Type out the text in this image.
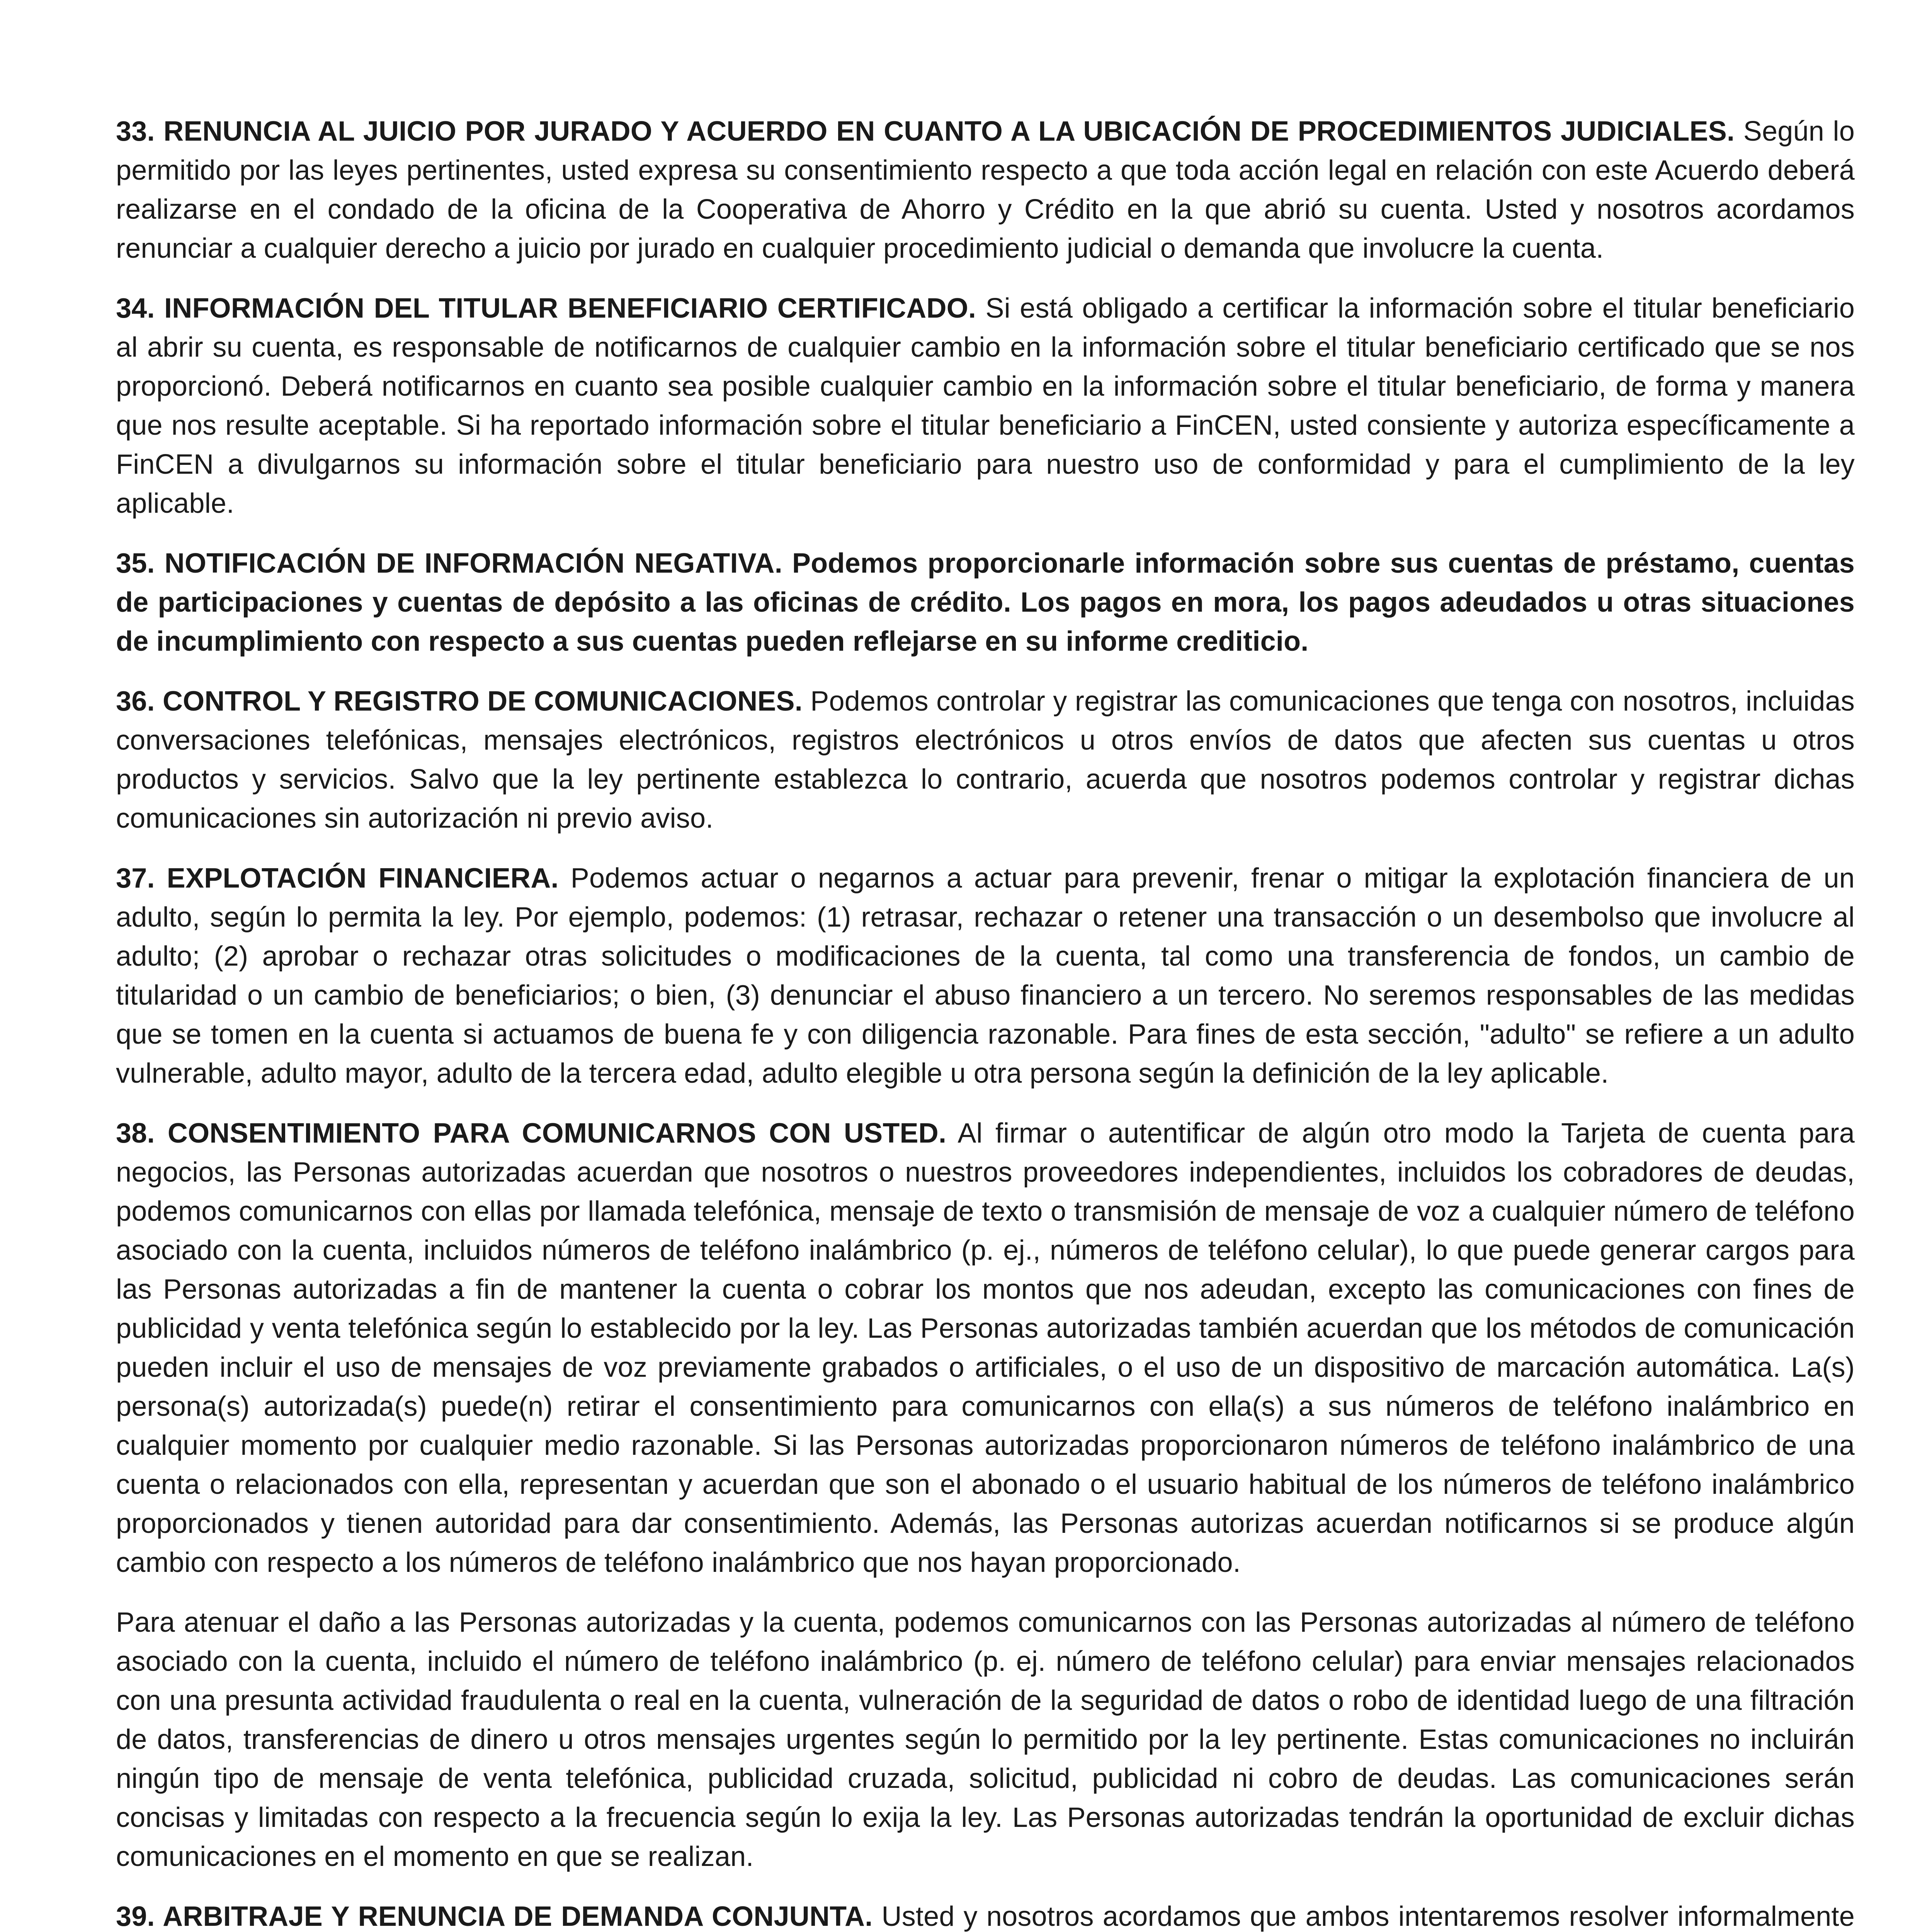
33. RENUNCIA AL JUICIO POR JURADO Y ACUERDO EN CUANTO A LA UBICACIÓN DE PROCEDIMIENTOS JUDICIALES. Según lo permitido por las leyes pertinentes, usted expresa su consentimiento respecto a que toda acción legal en relación con este Acuerdo deberá realizarse en el condado de la oficina de la Cooperativa de Ahorro y Crédito en la que abrió su cuenta. Usted y nosotros acordamos renunciar a cualquier derecho a juicio por jurado en cualquier procedimiento judicial o demanda que involucre la cuenta.

34. INFORMACIÓN DEL TITULAR BENEFICIARIO CERTIFICADO. Si está obligado a certificar la información sobre el titular beneficiario al abrir su cuenta, es responsable de notificarnos de cualquier cambio en la información sobre el titular beneficiario certificado que se nos proporcionó. Deberá notificarnos en cuanto sea posible cualquier cambio en la información sobre el titular beneficiario, de forma y manera que nos resulte aceptable. Si ha reportado información sobre el titular beneficiario a FinCEN, usted consiente y autoriza específicamente a FinCEN a divulgarnos su información sobre el titular beneficiario para nuestro uso de conformidad y para el cumplimiento de la ley aplicable.

35. NOTIFICACIÓN DE INFORMACIÓN NEGATIVA. Podemos proporcionarle información sobre sus cuentas de préstamo, cuentas de participaciones y cuentas de depósito a las oficinas de crédito. Los pagos en mora, los pagos adeudados u otras situaciones de incumplimiento con respecto a sus cuentas pueden reflejarse en su informe crediticio.

36. CONTROL Y REGISTRO DE COMUNICACIONES. Podemos controlar y registrar las comunicaciones que tenga con nosotros, incluidas conversaciones telefónicas, mensajes electrónicos, registros electrónicos u otros envíos de datos que afecten sus cuentas u otros productos y servicios. Salvo que la ley pertinente establezca lo contrario, acuerda que nosotros podemos controlar y registrar dichas comunicaciones sin autorización ni previo aviso.

37. EXPLOTACIÓN FINANCIERA. Podemos actuar o negarnos a actuar para prevenir, frenar o mitigar la explotación financiera de un adulto, según lo permita la ley. Por ejemplo, podemos: (1) retrasar, rechazar o retener una transacción o un desembolso que involucre al adulto; (2) aprobar o rechazar otras solicitudes o modificaciones de la cuenta, tal como una transferencia de fondos, un cambio de titularidad o un cambio de beneficiarios; o bien, (3) denunciar el abuso financiero a un tercero. No seremos responsables de las medidas que se tomen en la cuenta si actuamos de buena fe y con diligencia razonable. Para fines de esta sección, "adulto" se refiere a un adulto vulnerable, adulto mayor, adulto de la tercera edad, adulto elegible u otra persona según la definición de la ley aplicable.

38. CONSENTIMIENTO PARA COMUNICARNOS CON USTED. Al firmar o autentificar de algún otro modo la Tarjeta de cuenta para negocios, las Personas autorizadas acuerdan que nosotros o nuestros proveedores independientes, incluidos los cobradores de deudas, podemos comunicarnos con ellas por llamada telefónica, mensaje de texto o transmisión de mensaje de voz a cualquier número de teléfono asociado con la cuenta, incluidos números de teléfono inalámbrico (p. ej., números de teléfono celular), lo que puede generar cargos para las Personas autorizadas a fin de mantener la cuenta o cobrar los montos que nos adeudan, excepto las comunicaciones con fines de publicidad y venta telefónica según lo establecido por la ley. Las Personas autorizadas también acuerdan que los métodos de comunicación pueden incluir el uso de mensajes de voz previamente grabados o artificiales, o el uso de un dispositivo de marcación automática. La(s) persona(s) autorizada(s) puede(n) retirar el consentimiento para comunicarnos con ella(s) a sus números de teléfono inalámbrico en cualquier momento por cualquier medio razonable. Si las Personas autorizadas proporcionaron números de teléfono inalámbrico de una cuenta o relacionados con ella, representan y acuerdan que son el abonado o el usuario habitual de los números de teléfono inalámbrico proporcionados y tienen autoridad para dar consentimiento. Además, las Personas autorizas acuerdan notificarnos si se produce algún cambio con respecto a los números de teléfono inalámbrico que nos hayan proporcionado.

Para atenuar el daño a las Personas autorizadas y la cuenta, podemos comunicarnos con las Personas autorizadas al número de teléfono asociado con la cuenta, incluido el número de teléfono inalámbrico (p. ej. número de teléfono celular) para enviar mensajes relacionados con una presunta actividad fraudulenta o real en la cuenta, vulneración de la seguridad de datos o robo de identidad luego de una filtración de datos, transferencias de dinero u otros mensajes urgentes según lo permitido por la ley pertinente. Estas comunicaciones no incluirán ningún tipo de mensaje de venta telefónica, publicidad cruzada, solicitud, publicidad ni cobro de deudas. Las comunicaciones serán concisas y limitadas con respecto a la frecuencia según lo exija la ley. Las Personas autorizadas tendrán la oportunidad de excluir dichas comunicaciones en el momento en que se realizan.

39. ARBITRAJE Y RENUNCIA DE DEMANDA CONJUNTA. Usted y nosotros acordamos que ambos intentaremos resolver informalmente
